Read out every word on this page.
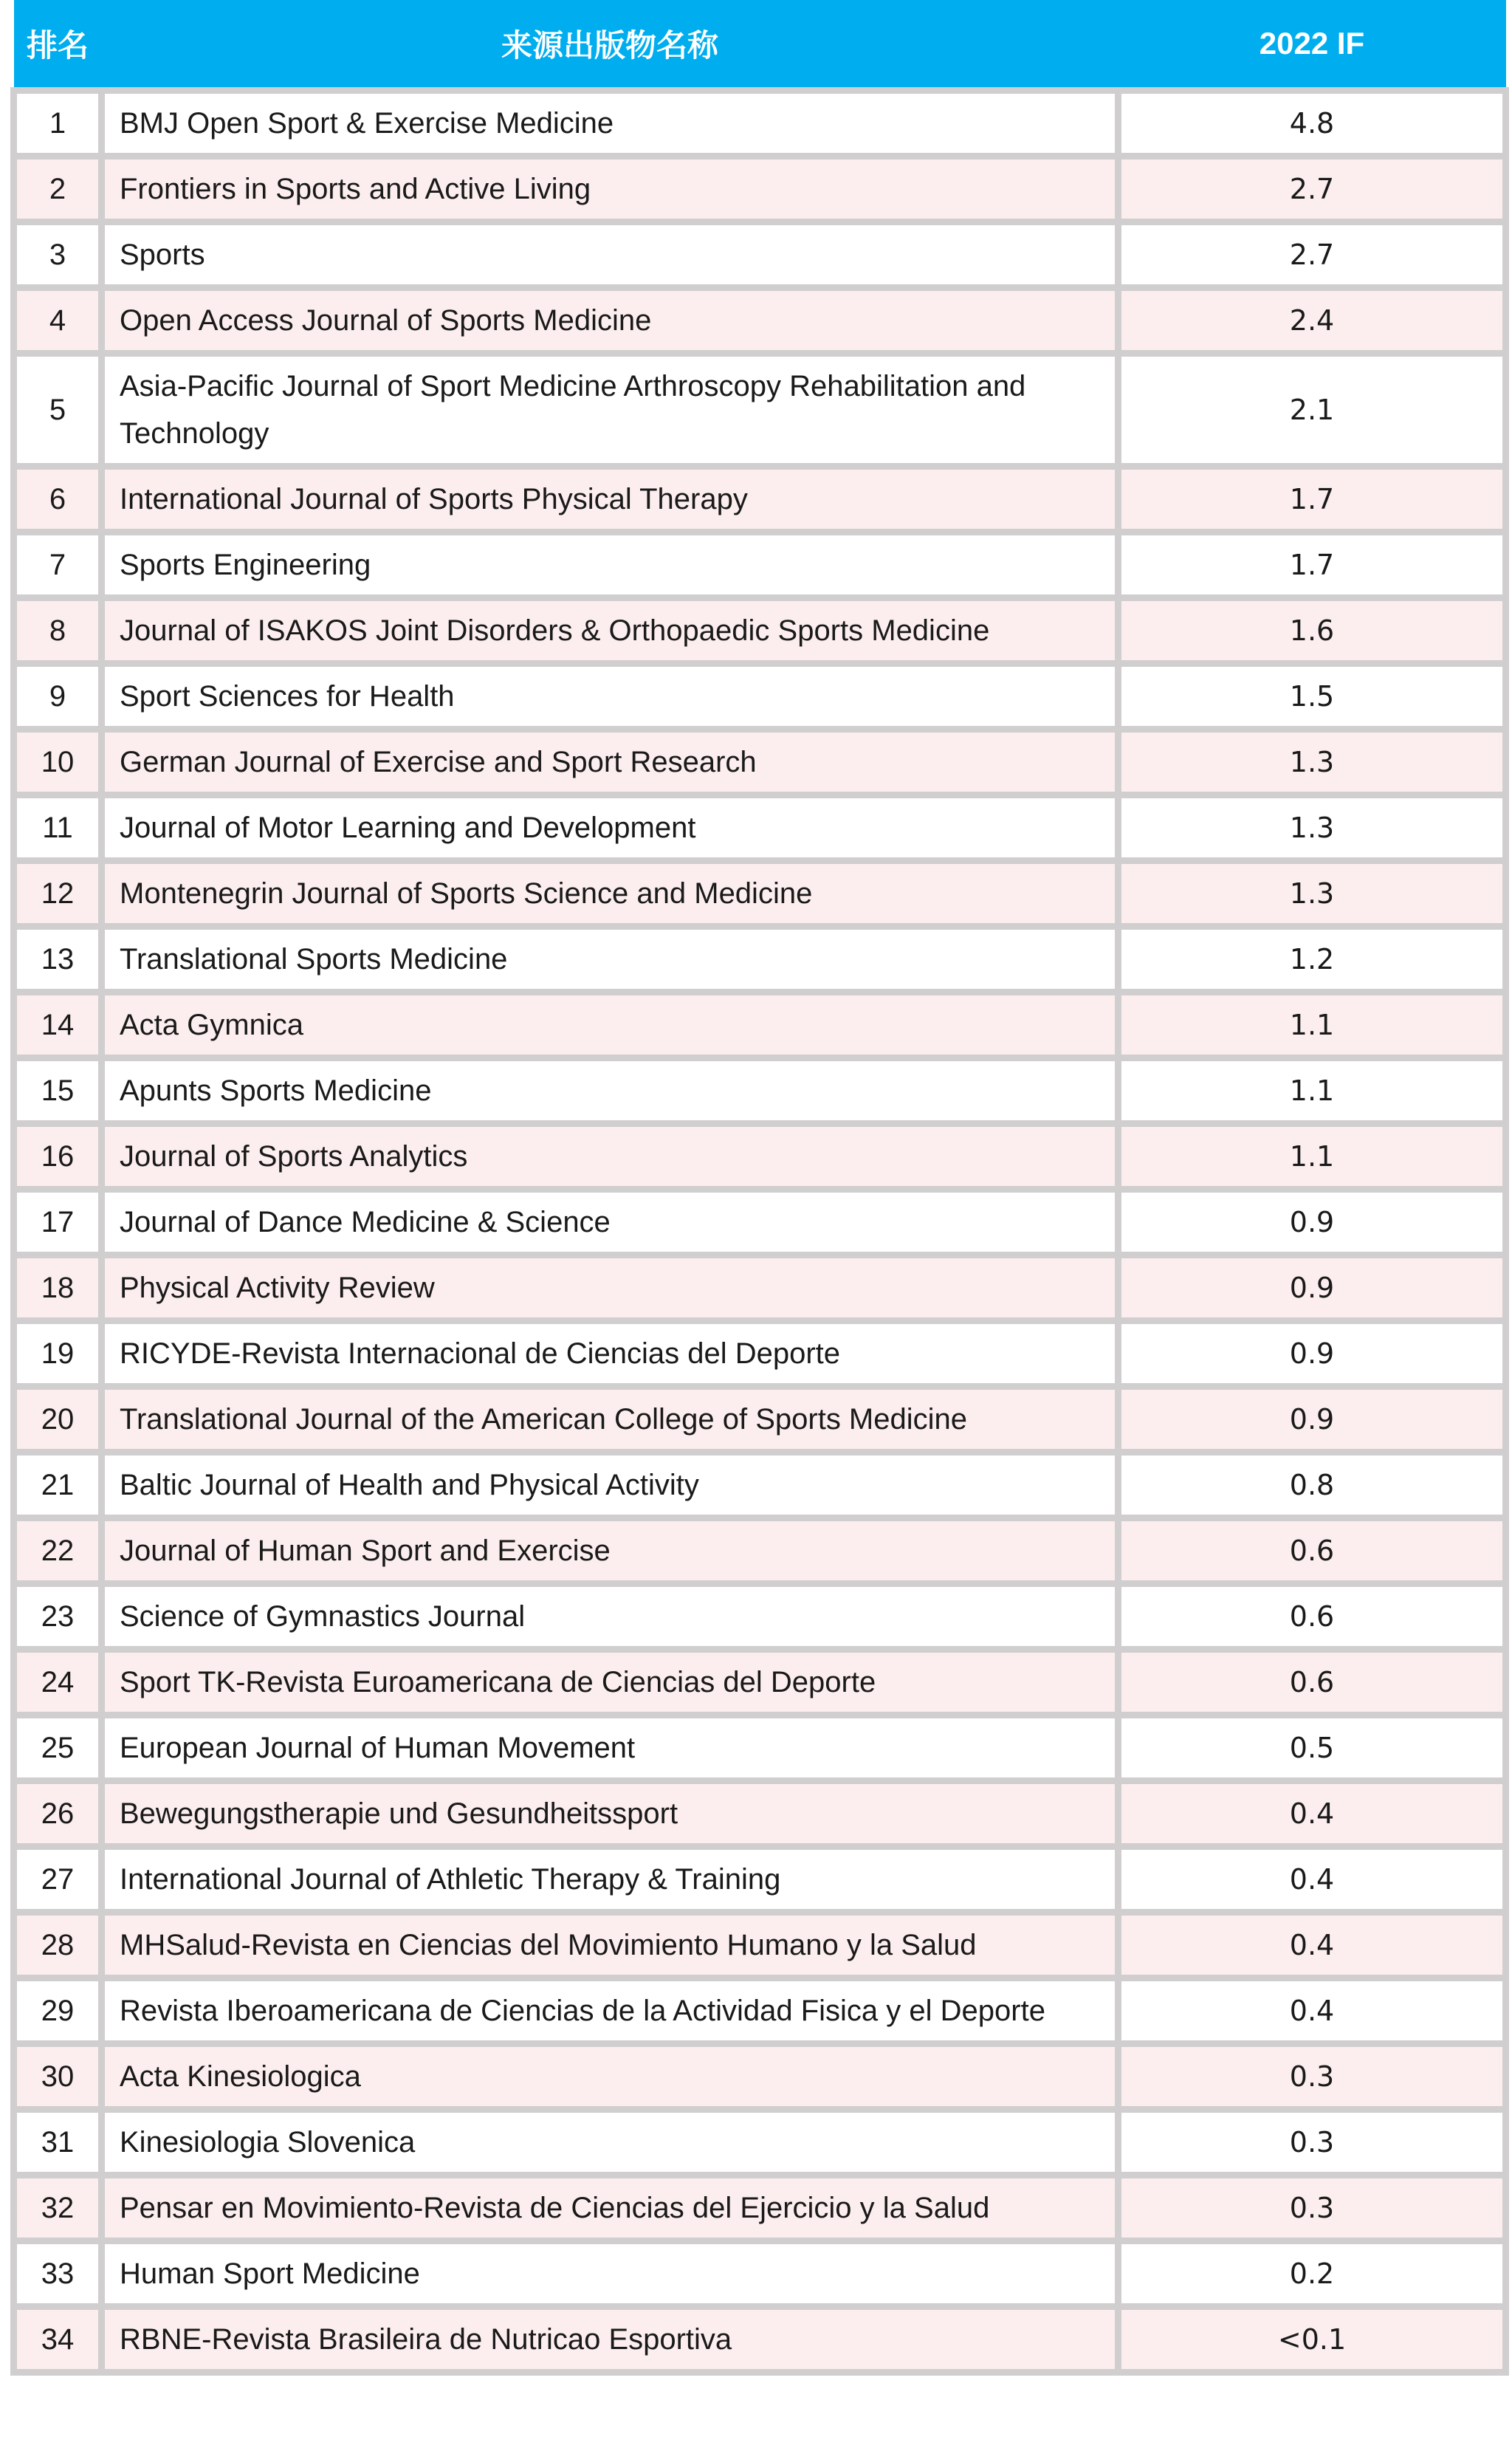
排名	来源出版物名称	2022 IF
1	BMJ Open Sport & Exercise Medicine	4.8
2	Frontiers in Sports and Active Living	2.7
3	Sports	2.7
4	Open Access Journal of Sports Medicine	2.4
5	Asia-Pacific Journal of Sport Medicine Arthroscopy Rehabilitation and Technology	2.1
6	International Journal of Sports Physical Therapy	1.7
7	Sports Engineering	1.7
8	Journal of ISAKOS Joint Disorders & Orthopaedic Sports Medicine	1.6
9	Sport Sciences for Health	1.5
10	German Journal of Exercise and Sport Research	1.3
11	Journal of Motor Learning and Development	1.3
12	Montenegrin Journal of Sports Science and Medicine	1.3
13	Translational Sports Medicine	1.2
14	Acta Gymnica	1.1
15	Apunts Sports Medicine	1.1
16	Journal of Sports Analytics	1.1
17	Journal of Dance Medicine & Science	0.9
18	Physical Activity Review	0.9
19	RICYDE-Revista Internacional de Ciencias del Deporte	0.9
20	Translational Journal of the American College of Sports Medicine	0.9
21	Baltic Journal of Health and Physical Activity	0.8
22	Journal of Human Sport and Exercise	0.6
23	Science of Gymnastics Journal	0.6
24	Sport TK-Revista Euroamericana de Ciencias del Deporte	0.6
25	European Journal of Human Movement	0.5
26	Bewegungstherapie und Gesundheitssport	0.4
27	International Journal of Athletic Therapy & Training	0.4
28	MHSalud-Revista en Ciencias del Movimiento Humano y la Salud	0.4
29	Revista Iberoamericana de Ciencias de la Actividad Fisica y el Deporte	0.4
30	Acta Kinesiologica	0.3
31	Kinesiologia Slovenica	0.3
32	Pensar en Movimiento-Revista de Ciencias del Ejercicio y la Salud	0.3
33	Human Sport Medicine	0.2
34	RBNE-Revista Brasileira de Nutricao Esportiva	<0.1
